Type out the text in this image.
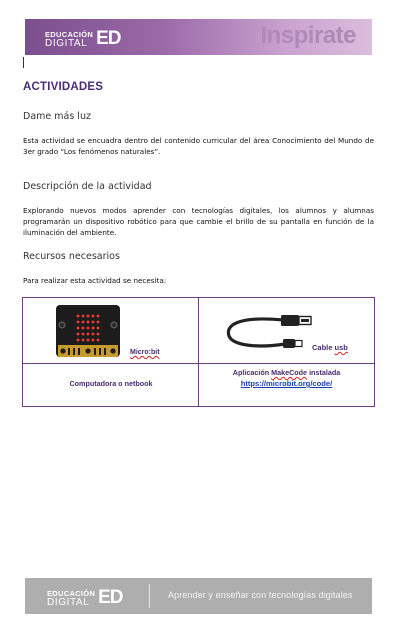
EDUCACIÓN
DIGITAL ED	Inspirate
ACTIVIDADES
Dame más luz
Esta actividad se encuadra dentro del contenido curricular del área Conocimiento del Mundo de 3er grado “Los fenómenos naturales”.
Descripción de la actividad
Explorando nuevos modos aprender con tecnologías digitales, los alumnos y alumnas programarán un dispositivo robótico para que cambie el brillo de su pantalla en función de la iluminación del ambiente.
Recursos necesarios
Para realizar esta actividad se necesita:
Micro:bit
Cable usb
Computadora o netbook
Aplicación MakeCode instalada
https://microbit.org/code/
EDUCACIÓN
DIGITAL ED	Aprender y enseñar con tecnologías digitales
